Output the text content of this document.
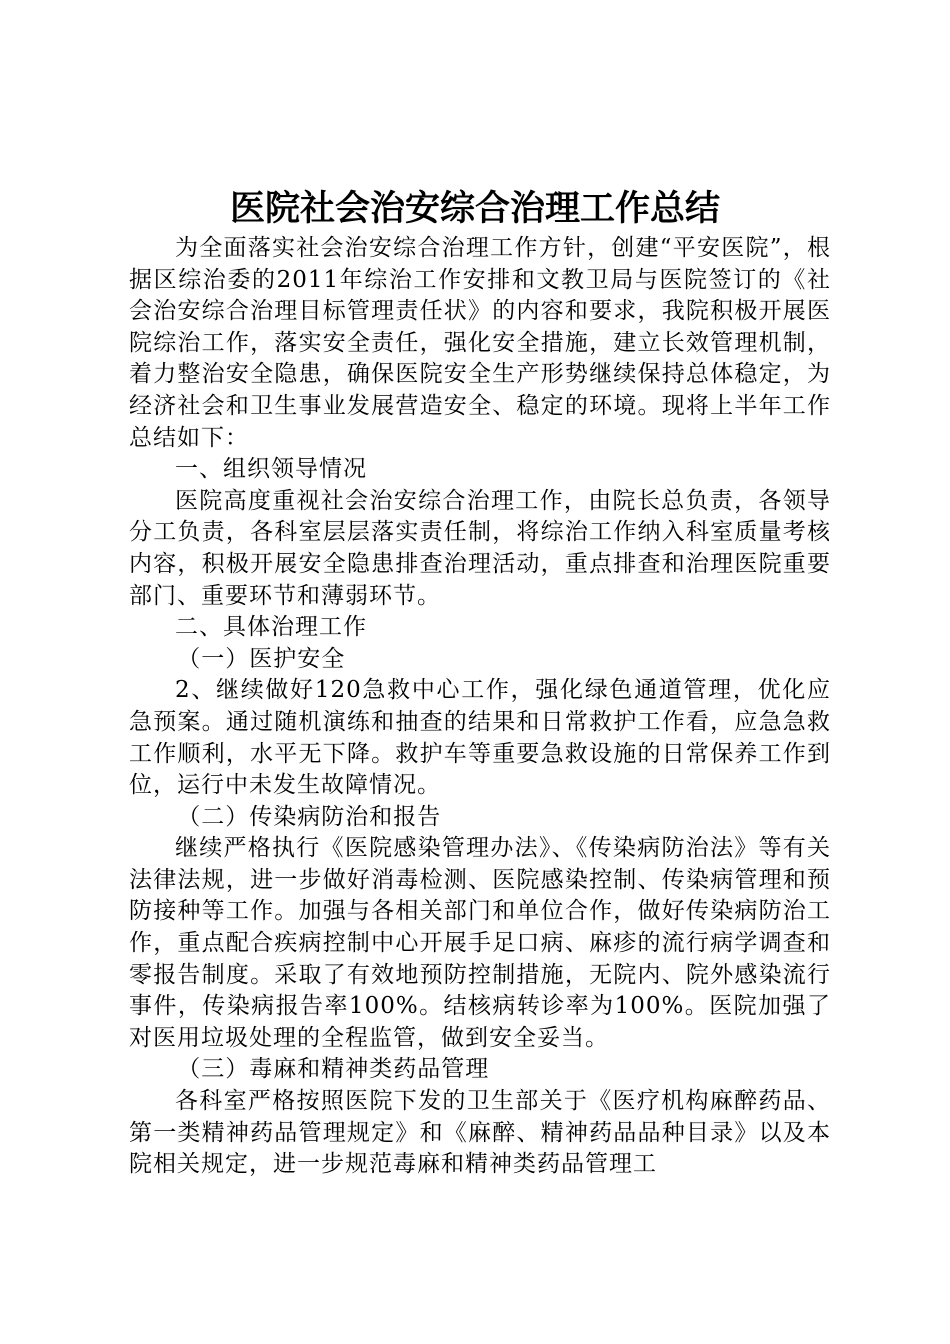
医院社会治安综合治理工作总结

为全面落实社会治安综合治理工作方针，创建“平安医院”，根据区综治委的2011年综治工作安排和文教卫局与医院签订的《社会治安综合治理目标管理责任状》的内容和要求，我院积极开展医院综治工作，落实安全责任，强化安全措施，建立长效管理机制，着力整治安全隐患，确保医院安全生产形势继续保持总体稳定，为经济社会和卫生事业发展营造安全、稳定的环境。现将上半年工作总结如下：

一、组织领导情况

医院高度重视社会治安综合治理工作，由院长总负责，各领导分工负责，各科室层层落实责任制，将综治工作纳入科室质量考核内容，积极开展安全隐患排查治理活动，重点排查和治理医院重要部门、重要环节和薄弱环节。

二、具体治理工作

（一）医护安全

2、继续做好120急救中心工作，强化绿色通道管理，优化应急预案。通过随机演练和抽查的结果和日常救护工作看，应急急救工作顺利，水平无下降。救护车等重要急救设施的日常保养工作到位，运行中未发生故障情况。

（二）传染病防治和报告

继续严格执行《医院感染管理办法》、《传染病防治法》等有关法律法规，进一步做好消毒检测、医院感染控制、传染病管理和预防接种等工作。加强与各相关部门和单位合作，做好传染病防治工作，重点配合疾病控制中心开展手足口病、麻疹的流行病学调查和零报告制度。采取了有效地预防控制措施，无院内、院外感染流行事件，传染病报告率100%。结核病转诊率为100%。医院加强了对医用垃圾处理的全程监管，做到安全妥当。

（三）毒麻和精神类药品管理

各科室严格按照医院下发的卫生部关于《医疗机构麻醉药品、第一类精神药品管理规定》和《麻醉、精神药品品种目录》以及本院相关规定，进一步规范毒麻和精神类药品管理工
